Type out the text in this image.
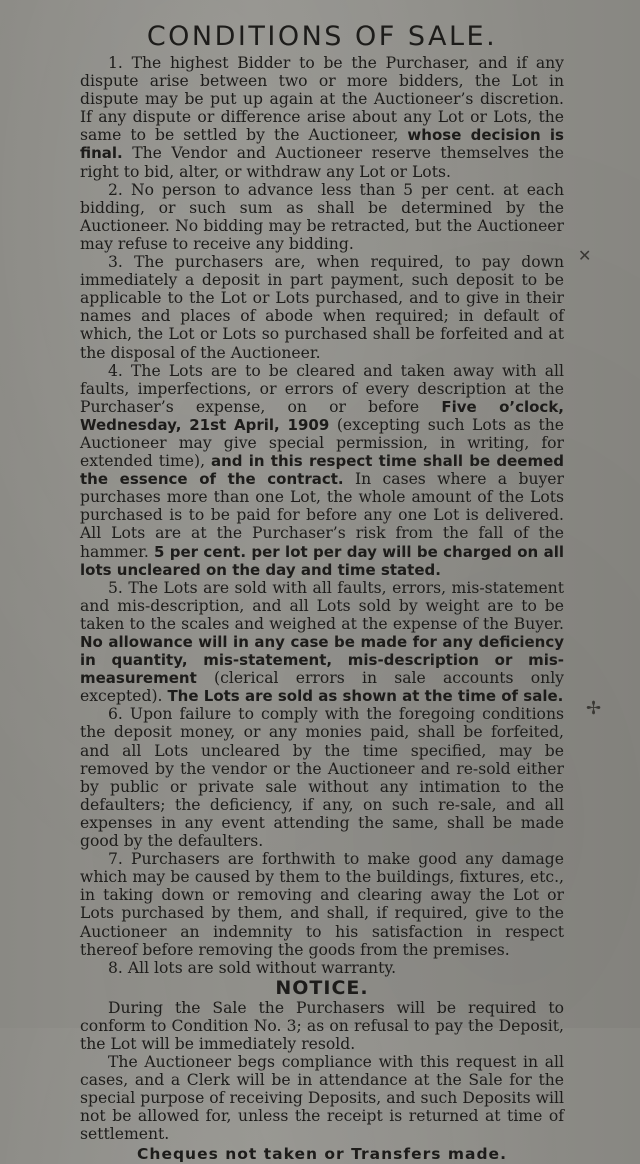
CONDITIONS OF SALE.

1. The highest Bidder to be the Purchaser, and if any dispute arise between two or more bidders, the Lot in dispute may be put up again at the Auctioneer’s discretion. If any dispute or difference arise about any Lot or Lots, the same to be settled by the Auctioneer, whose decision is final. The Vendor and Auctioneer reserve themselves the right to bid, alter, or withdraw any Lot or Lots.

2. No person to advance less than 5 per cent. at each bidding, or such sum as shall be determined by the Auctioneer. No bidding may be retracted, but the Auctioneer may refuse to receive any bidding.

3. The purchasers are, when required, to pay down immediately a deposit in part payment, such deposit to be applicable to the Lot or Lots purchased, and to give in their names and places of abode when required; in default of which, the Lot or Lots so purchased shall be forfeited and at the disposal of the Auctioneer.

4. The Lots are to be cleared and taken away with all faults, imperfections, or errors of every description at the Purchaser’s expense, on or before Five o’clock, Wednesday, 21st April, 1909 (excepting such Lots as the Auctioneer may give special permission, in writing, for extended time), and in this respect time shall be deemed the essence of the contract. In cases where a buyer purchases more than one Lot, the whole amount of the Lots purchased is to be paid for before any one Lot is delivered. All Lots are at the Purchaser’s risk from the fall of the hammer. 5 per cent. per lot per day will be charged on all lots uncleared on the day and time stated.

5. The Lots are sold with all faults, errors, mis-statement and mis-description, and all Lots sold by weight are to be taken to the scales and weighed at the expense of the Buyer. No allowance will in any case be made for any deficiency in quantity, mis-statement, mis-description or mis-measurement (clerical errors in sale accounts only excepted). The Lots are sold as shown at the time of sale.

6. Upon failure to comply with the foregoing conditions the deposit money, or any monies paid, shall be forfeited, and all Lots uncleared by the time specified, may be removed by the vendor or the Auctioneer and re-sold either by public or private sale without any intimation to the defaulters; the deficiency, if any, on such re-sale, and all expenses in any event attending the same, shall be made good by the defaulters.

7. Purchasers are forthwith to make good any damage which may be caused by them to the buildings, fixtures, etc., in taking down or removing and clearing away the Lot or Lots purchased by them, and shall, if required, give to the Auctioneer an indemnity to his satisfaction in respect thereof before removing the goods from the premises.

8. All lots are sold without warranty.

NOTICE.

During the Sale the Purchasers will be required to conform to Condition No. 3; as on refusal to pay the Deposit, the Lot will be immediately resold.

The Auctioneer begs compliance with this request in all cases, and a Clerk will be in attendance at the Sale for the special purpose of receiving Deposits, and such Deposits will not be allowed for, unless the receipt is returned at time of settlement.

Cheques not taken or Transfers made.

✕
✢
